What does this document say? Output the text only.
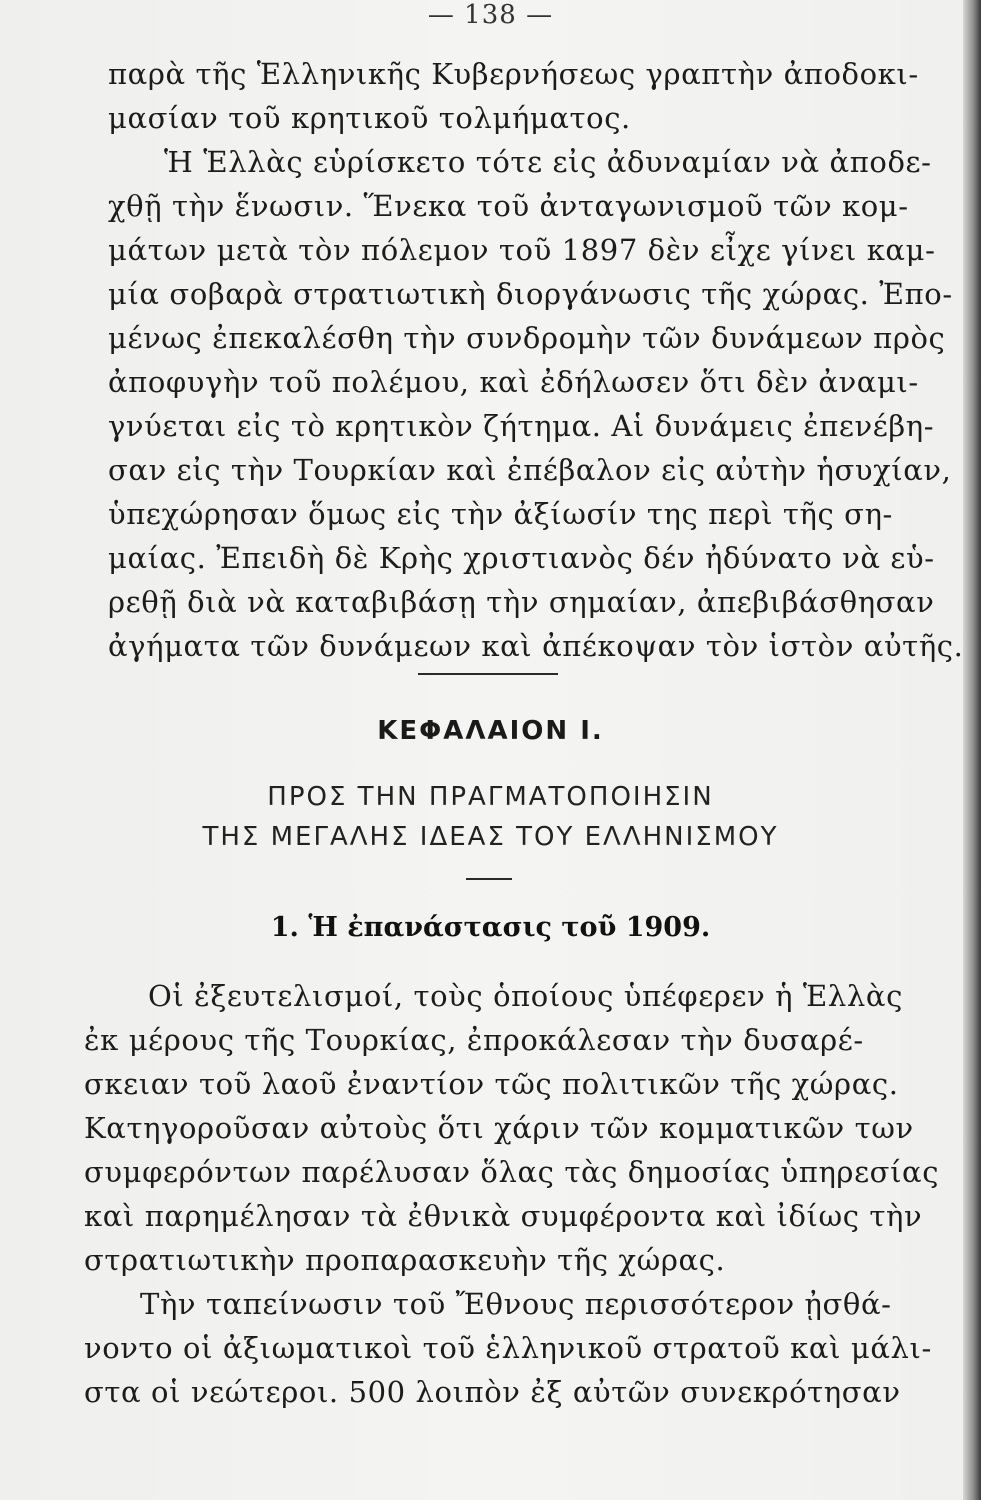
— 138 —
παρὰ τῆς Ἑλληνικῆς Κυβερνήσεως γραπτὴν ἀποδοκι-
μασίαν τοῦ κρητικοῦ τολμήματος.
Ἡ Ἑλλὰς εὑρίσκετο τότε εἰς ἀδυναμίαν νὰ ἀποδε-
χθῇ τὴν ἕνωσιν. Ἕνεκα τοῦ ἀνταγωνισμοῦ τῶν κομ-
μάτων μετὰ τὸν πόλεμον τοῦ 1897 δὲν εἶχε γίνει καμ-
μία σοβαρὰ στρατιωτικὴ διοργάνωσις τῆς χώρας. Ἐπο-
μένως ἐπεκαλέσθη τὴν συνδρομὴν τῶν δυνάμεων πρὸς
ἀποφυγὴν τοῦ πολέμου, καὶ ἐδήλωσεν ὅτι δὲν ἀναμι-
γνύεται εἰς τὸ κρητικὸν ζήτημα. Αἱ δυνάμεις ἐπενέβη-
σαν εἰς τὴν Τουρκίαν καὶ ἐπέβαλον εἰς αὐτὴν ἡσυχίαν,
ὑπεχώρησαν ὅμως εἰς τὴν ἀξίωσίν της περὶ τῆς ση-
μαίας. Ἐπειδὴ δὲ Κρὴς χριστιανὸς δέν ἠδύνατο νὰ εὑ-
ρεθῇ διὰ νὰ καταβιβάσῃ τὴν σημαίαν, ἀπεβιβάσθησαν
ἀγήματα τῶν δυνάμεων καὶ ἀπέκοψαν τὸν ἱστὸν αὐτῆς.
ΚΕΦΑΛΑΙΟΝ Ι.
ΠΡΟΣ ΤΗΝ ΠΡΑΓΜΑΤΟΠΟΙΗΣΙΝ
ΤΗΣ ΜΕΓΑΛΗΣ ΙΔΕΑΣ ΤΟΥ ΕΛΛΗΝΙΣΜΟΥ
1. Ἡ ἐπανάστασις τοῦ 1909.
Οἱ ἐξευτελισμοί, τοὺς ὁποίους ὑπέφερεν ἡ Ἑλλὰς
ἐκ μέρους τῆς Τουρκίας, ἐπροκάλεσαν τὴν δυσαρέ-
σκειαν τοῦ λαοῦ ἐναντίον τῶς πολιτικῶν τῆς χώρας.
Κατηγοροῦσαν αὐτοὺς ὅτι χάριν τῶν κομματικῶν των
συμφερόντων παρέλυσαν ὅλας τὰς δημοσίας ὑπηρεσίας
καὶ παρημέλησαν τὰ ἐθνικὰ συμφέροντα καὶ ἰδίως τὴν
στρατιωτικὴν προπαρασκευὴν τῆς χώρας.
Τὴν ταπείνωσιν τοῦ Ἔθνους περισσότερον ᾐσθά-
νοντο οἱ ἀξιωματικοὶ τοῦ ἑλληνικοῦ στρατοῦ καὶ μάλι-
στα οἱ νεώτεροι. 500 λοιπὸν ἐξ αὐτῶν συνεκρότησαν
